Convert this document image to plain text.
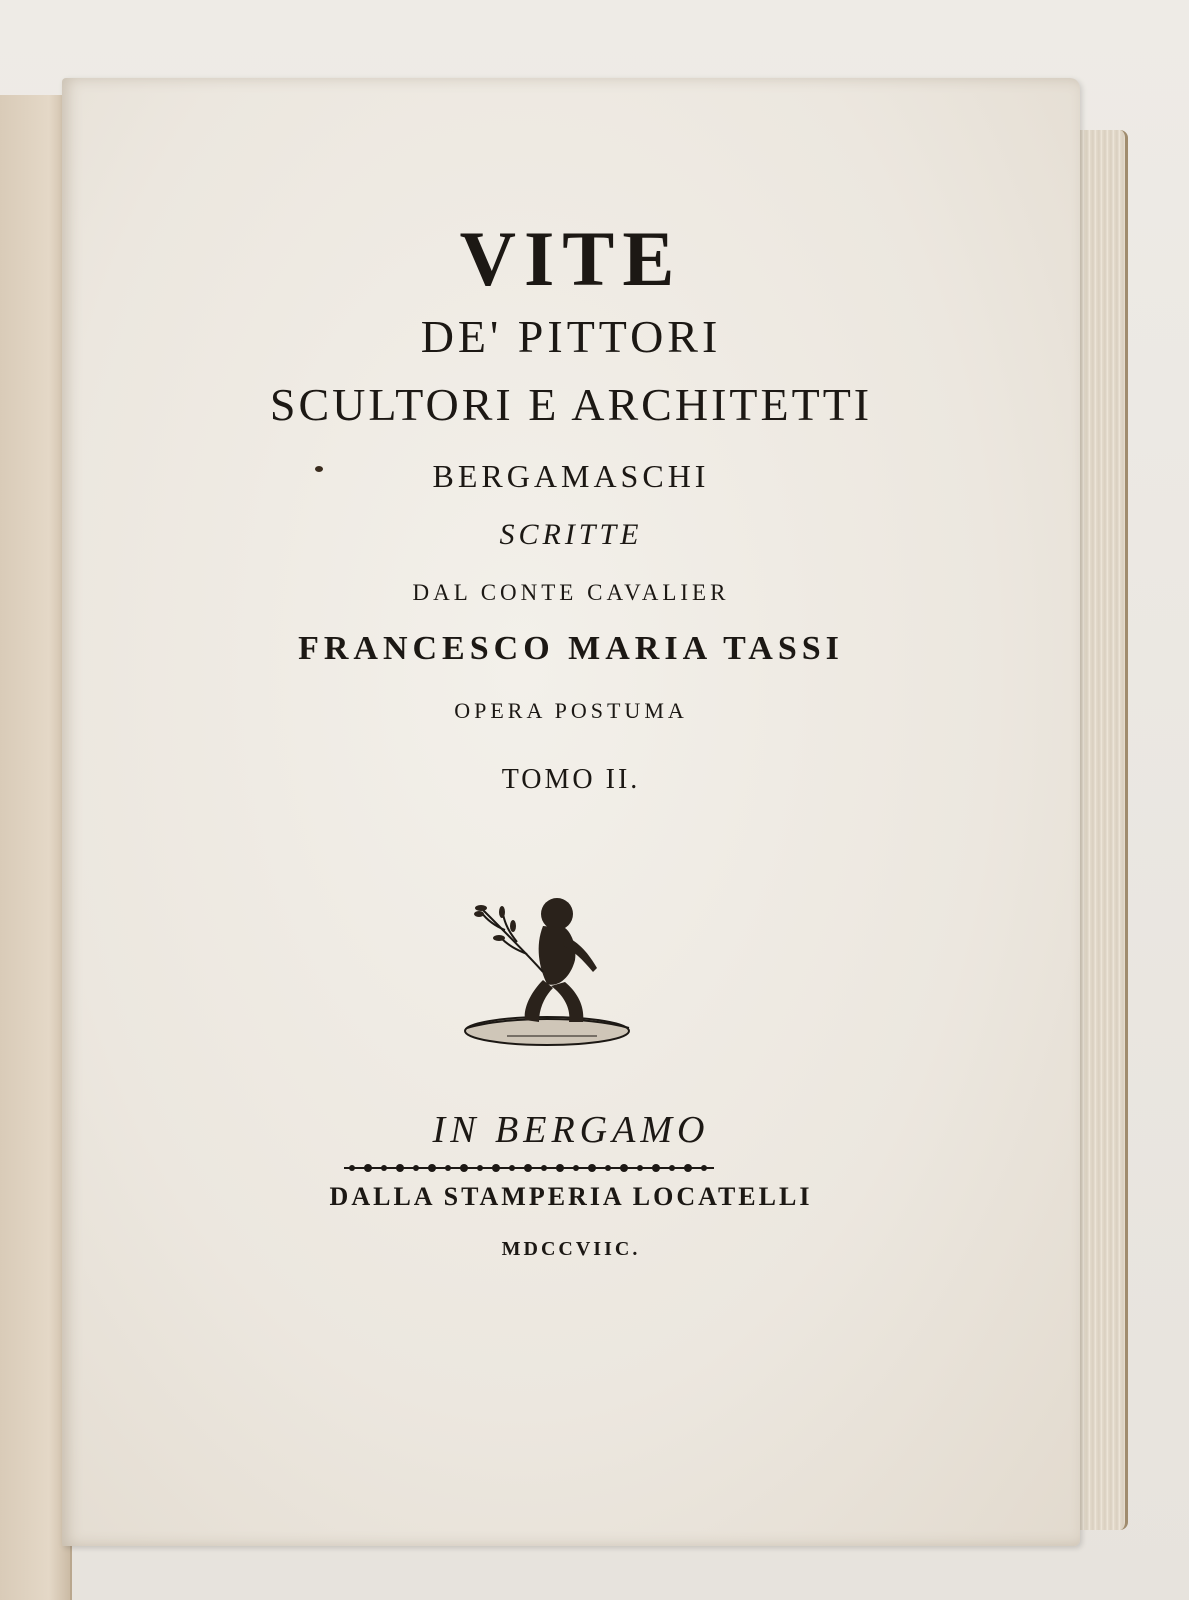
VITE

DE' PITTORI

SCULTORI E ARCHITETTI

BERGAMASCHI

SCRITTE

DAL CONTE CAVALIER

FRANCESCO MARIA TASSI

OPERA POSTUMA

TOMO II.

IN BERGAMO

DALLA STAMPERIA LOCATELLI

MDCCVIIC.
